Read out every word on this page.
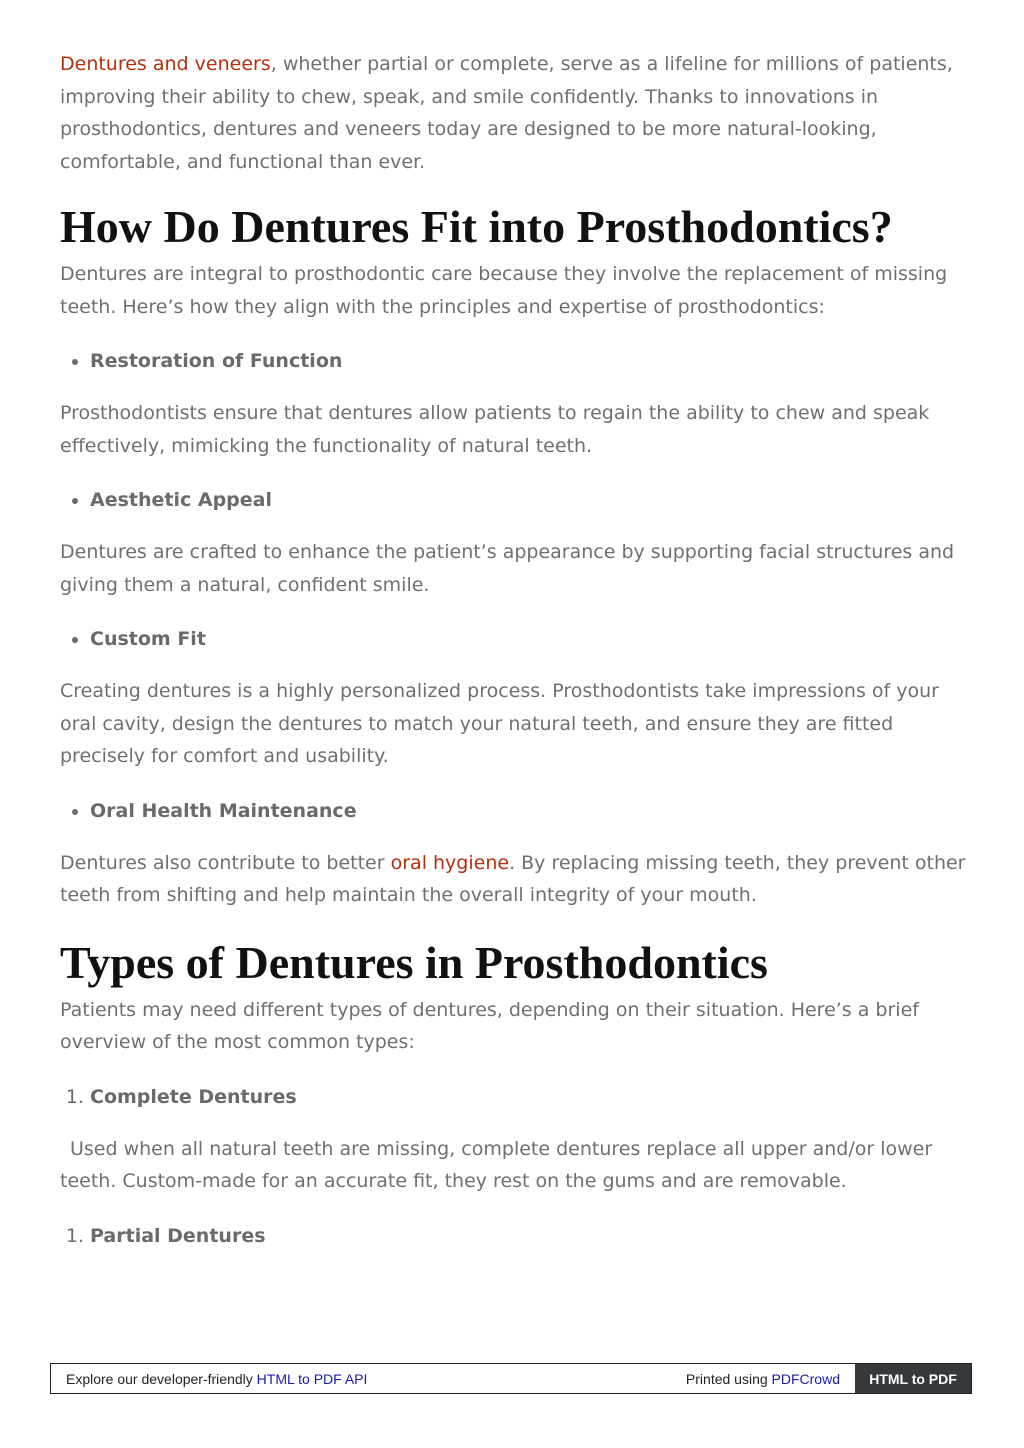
Dentures and veneers, whether partial or complete, serve as a lifeline for millions of patients, improving their ability to chew, speak, and smile confidently. Thanks to innovations in prosthodontics, dentures and veneers today are designed to be more natural-looking, comfortable, and functional than ever.

How Do Dentures Fit into Prosthodontics?

Dentures are integral to prosthodontic care because they involve the replacement of missing teeth. Here’s how they align with the principles and expertise of prosthodontics:

• Restoration of Function

Prosthodontists ensure that dentures allow patients to regain the ability to chew and speak effectively, mimicking the functionality of natural teeth.

• Aesthetic Appeal

Dentures are crafted to enhance the patient’s appearance by supporting facial structures and giving them a natural, confident smile.

• Custom Fit

Creating dentures is a highly personalized process. Prosthodontists take impressions of your oral cavity, design the dentures to match your natural teeth, and ensure they are fitted precisely for comfort and usability.

• Oral Health Maintenance

Dentures also contribute to better oral hygiene. By replacing missing teeth, they prevent other teeth from shifting and help maintain the overall integrity of your mouth.

Types of Dentures in Prosthodontics

Patients may need different types of dentures, depending on their situation. Here’s a brief overview of the most common types:

1. Complete Dentures

Used when all natural teeth are missing, complete dentures replace all upper and/or lower teeth. Custom-made for an accurate fit, they rest on the gums and are removable.

1. Partial Dentures
Explore our developer-friendly
HTML to PDF API	Printed using
PDFCrowd	HTML to PDF
